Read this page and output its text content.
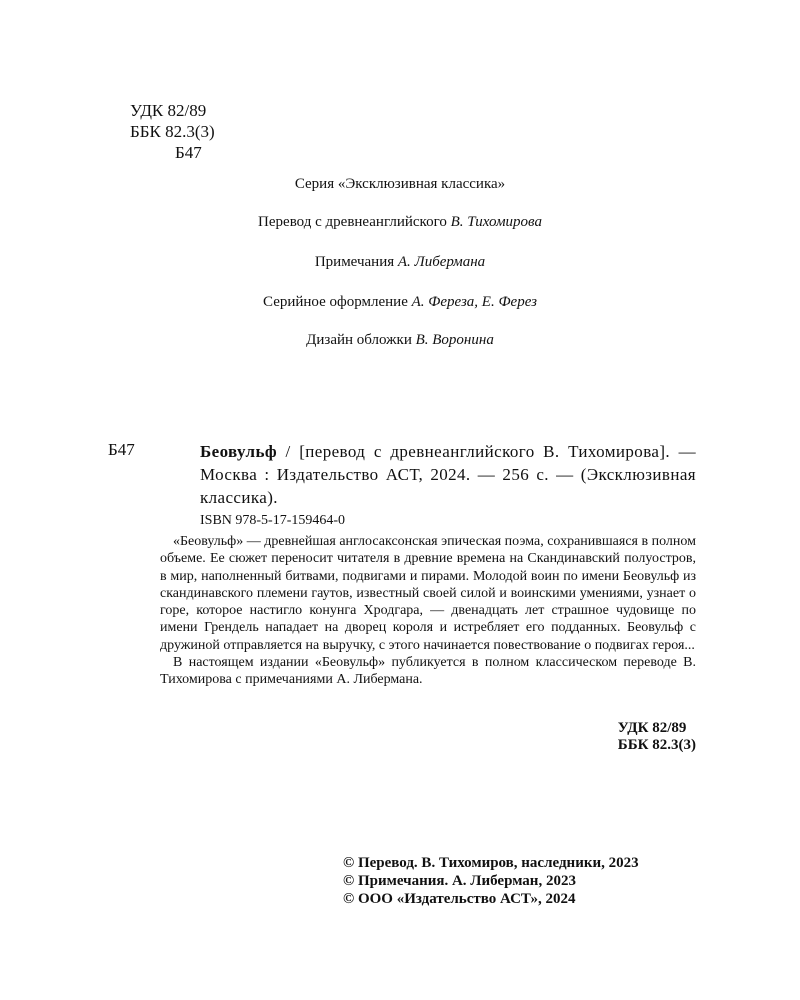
УДК 82/89
ББК 82.3(3)
Б47
Серия «Эксклюзивная классика»
Перевод с древнеанглийского В. Тихомирова
Примечания А. Либермана
Серийное оформление А. Фереза, Е. Ферез
Дизайн обложки В. Воронина
Б47	Беовульф / [перевод с древнеанглийского В. Тихомирова]. — Москва : Издательство АСТ, 2024. — 256 с. — (Эксклюзивная классика).
ISBN 978-5-17-159464-0

«Беовульф» — древнейшая англосаксонская эпическая поэма, сохранившаяся в полном объеме. Ее сюжет переносит читателя в древние времена на Скандинавский полуостров, в мир, наполненный битвами, подвигами и пирами. Молодой воин по имени Беовульф из скандинавского племени гаутов, известный своей силой и воинскими умениями, узнает о горе, которое настигло конунга Хродгара, — двенадцать лет страшное чудовище по имени Грендель нападает на дворец короля и истребляет его подданных. Беовульф с дружиной отправляется на выручку, с этого начинается повествование о подвигах героя...

В настоящем издании «Беовульф» публикуется в полном классическом переводе В. Тихомирова с примечаниями А. Либермана.

УДК 82/89
ББК 82.3(3)
© Перевод. В. Тихомиров, наследники, 2023
© Примечания. А. Либерман, 2023
© ООО «Издательство АСТ», 2024
